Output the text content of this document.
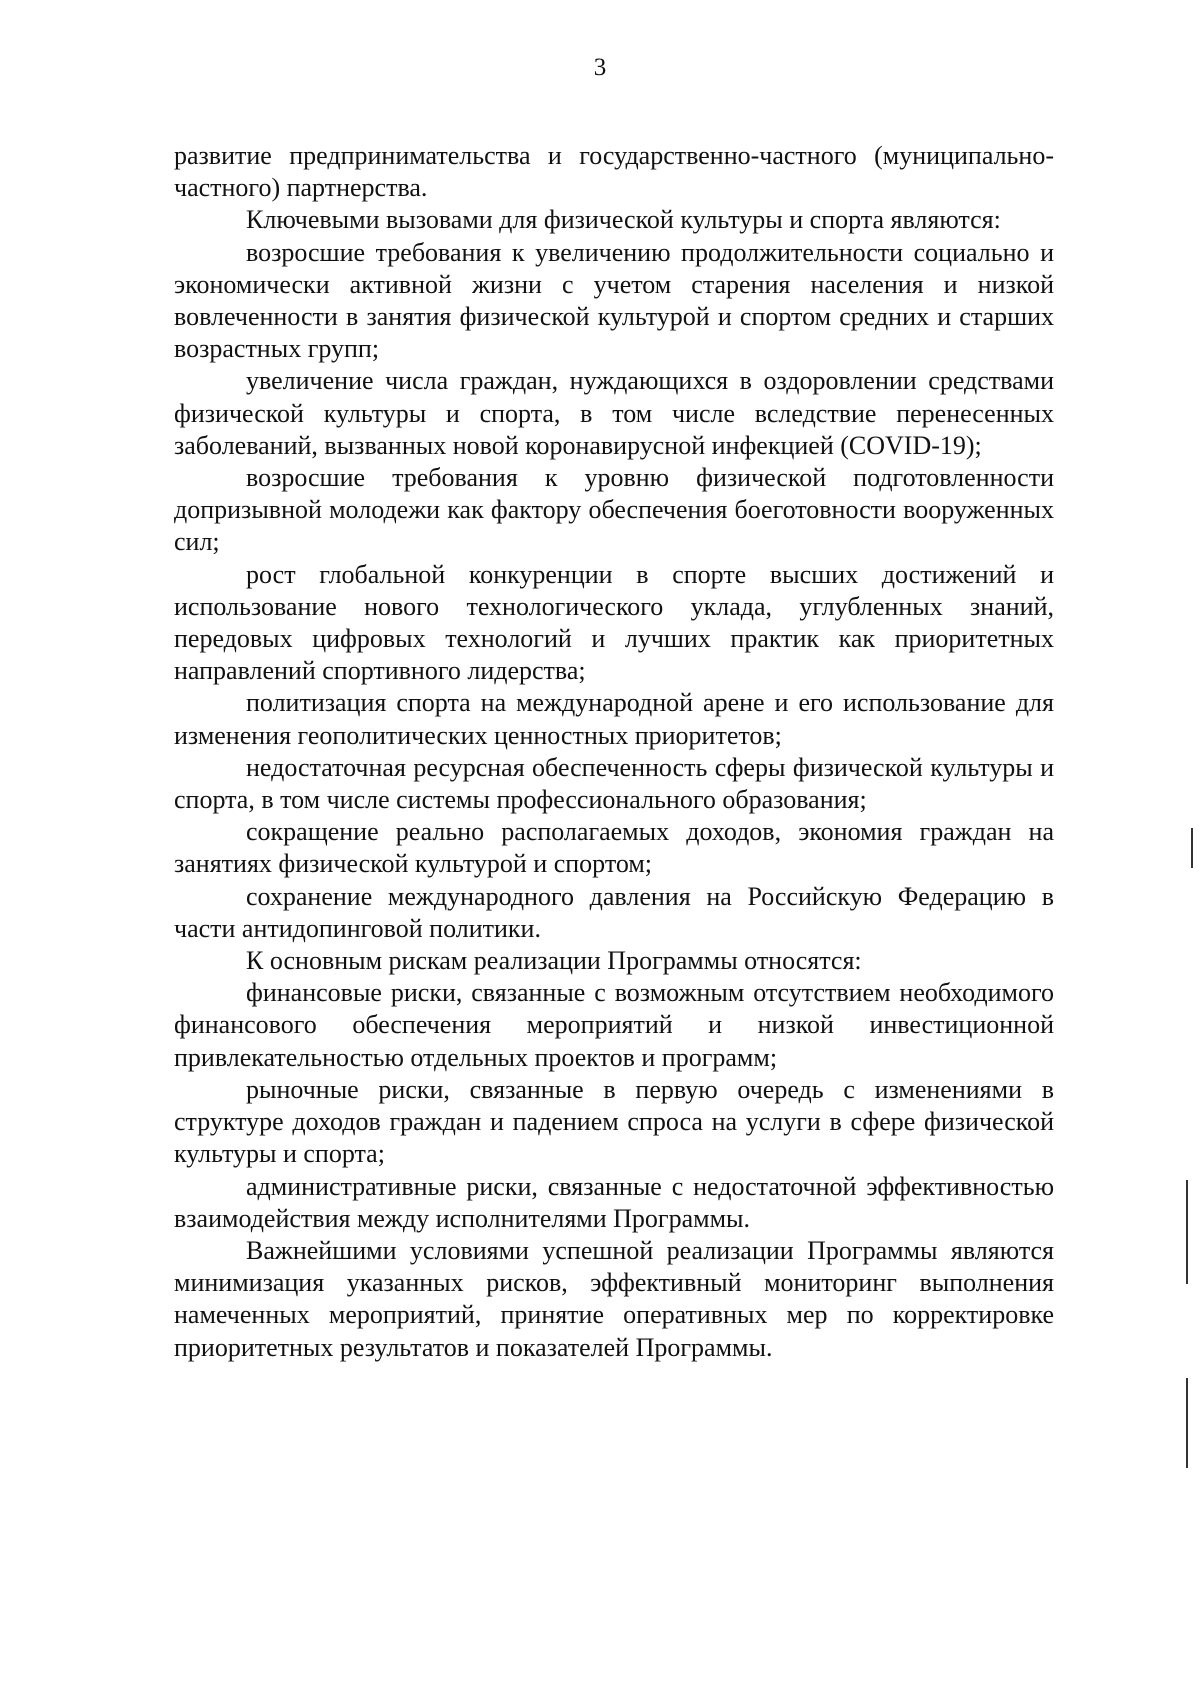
3

развитие предпринимательства и государственно-частного (муниципально-частного) партнерства.

Ключевыми вызовами для физической культуры и спорта являются:

возросшие требования к увеличению продолжительности социально и экономически активной жизни с учетом старения населения и низкой вовлеченности в занятия физической культурой и спортом средних и старших возрастных групп;

увеличение числа граждан, нуждающихся в оздоровлении средствами физической культуры и спорта, в том числе вследствие перенесенных заболеваний, вызванных новой коронавирусной инфекцией (COVID-19);

возросшие требования к уровню физической подготовленности допризывной молодежи как фактору обеспечения боеготовности вооруженных сил;

рост глобальной конкуренции в спорте высших достижений и использование нового технологического уклада, углубленных знаний, передовых цифровых технологий и лучших практик как приоритетных направлений спортивного лидерства;

политизация спорта на международной арене и его использование для изменения геополитических ценностных приоритетов;

недостаточная ресурсная обеспеченность сферы физической культуры и спорта, в том числе системы профессионального образования;

сокращение реально располагаемых доходов, экономия граждан на занятиях физической культурой и спортом;

сохранение международного давления на Российскую Федерацию в части антидопинговой политики.

К основным рискам реализации Программы относятся:

финансовые риски, связанные с возможным отсутствием необходимого финансового обеспечения мероприятий и низкой инвестиционной привлекательностью отдельных проектов и программ;

рыночные риски, связанные в первую очередь с изменениями в структуре доходов граждан и падением спроса на услуги в сфере физической культуры и спорта;

административные риски, связанные с недостаточной эффективностью взаимодействия между исполнителями Программы.

Важнейшими условиями успешной реализации Программы являются минимизация указанных рисков, эффективный мониторинг выполнения намеченных мероприятий, принятие оперативных мер по корректировке приоритетных результатов и показателей Программы.
